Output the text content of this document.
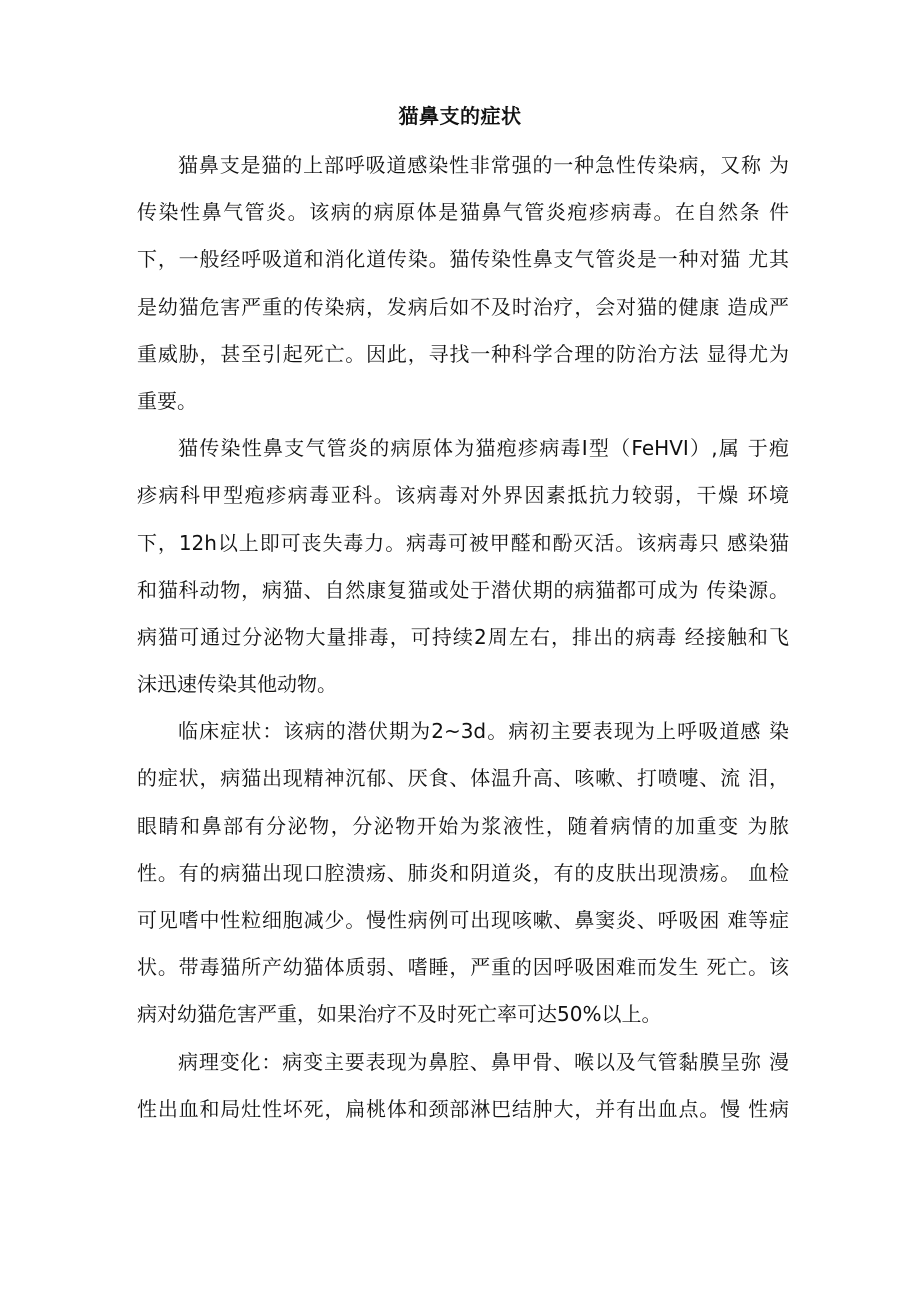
猫鼻支的症状
猫鼻支是猫的上部呼吸道感染性非常强的一种急性传染病，又称 为
传染性鼻气管炎。该病的病原体是猫鼻气管炎疱疹病毒。在自然条 件
下，一般经呼吸道和消化道传染。猫传染性鼻支气管炎是一种对猫 尤其
是幼猫危害严重的传染病，发病后如不及时治疗，会对猫的健康 造成严
重威胁，甚至引起死亡。因此，寻找一种科学合理的防治方法 显得尤为
重要。
猫传染性鼻支气管炎的病原体为猫疱疹病毒I型（FeHVI）,属 于疱
疹病科甲型疱疹病毒亚科。该病毒对外界因素抵抗力较弱，干燥 环境
下，12h以上即可丧失毒力。病毒可被甲醛和酚灭活。该病毒只 感染猫
和猫科动物，病猫、自然康复猫或处于潜伏期的病猫都可成为 传染源。
病猫可通过分泌物大量排毒，可持续2周左右，排出的病毒 经接触和飞
沫迅速传染其他动物。
临床症状：该病的潜伏期为2~3d。病初主要表现为上呼吸道感 染
的症状，病猫出现精神沉郁、厌食、体温升高、咳嗽、打喷嚏、流 泪，
眼睛和鼻部有分泌物，分泌物开始为浆液性，随着病情的加重变 为脓
性。有的病猫出现口腔溃疡、肺炎和阴道炎，有的皮肤出现溃疡。 血检
可见嗜中性粒细胞减少。慢性病例可出现咳嗽、鼻窦炎、呼吸困 难等症
状。带毒猫所产幼猫体质弱、嗜睡，严重的因呼吸困难而发生 死亡。该
病对幼猫危害严重，如果治疗不及时死亡率可达50%以上。
病理变化：病变主要表现为鼻腔、鼻甲骨、喉以及气管黏膜呈弥 漫
性出血和局灶性坏死，扁桃体和颈部淋巴结肿大，并有出血点。慢 性病
